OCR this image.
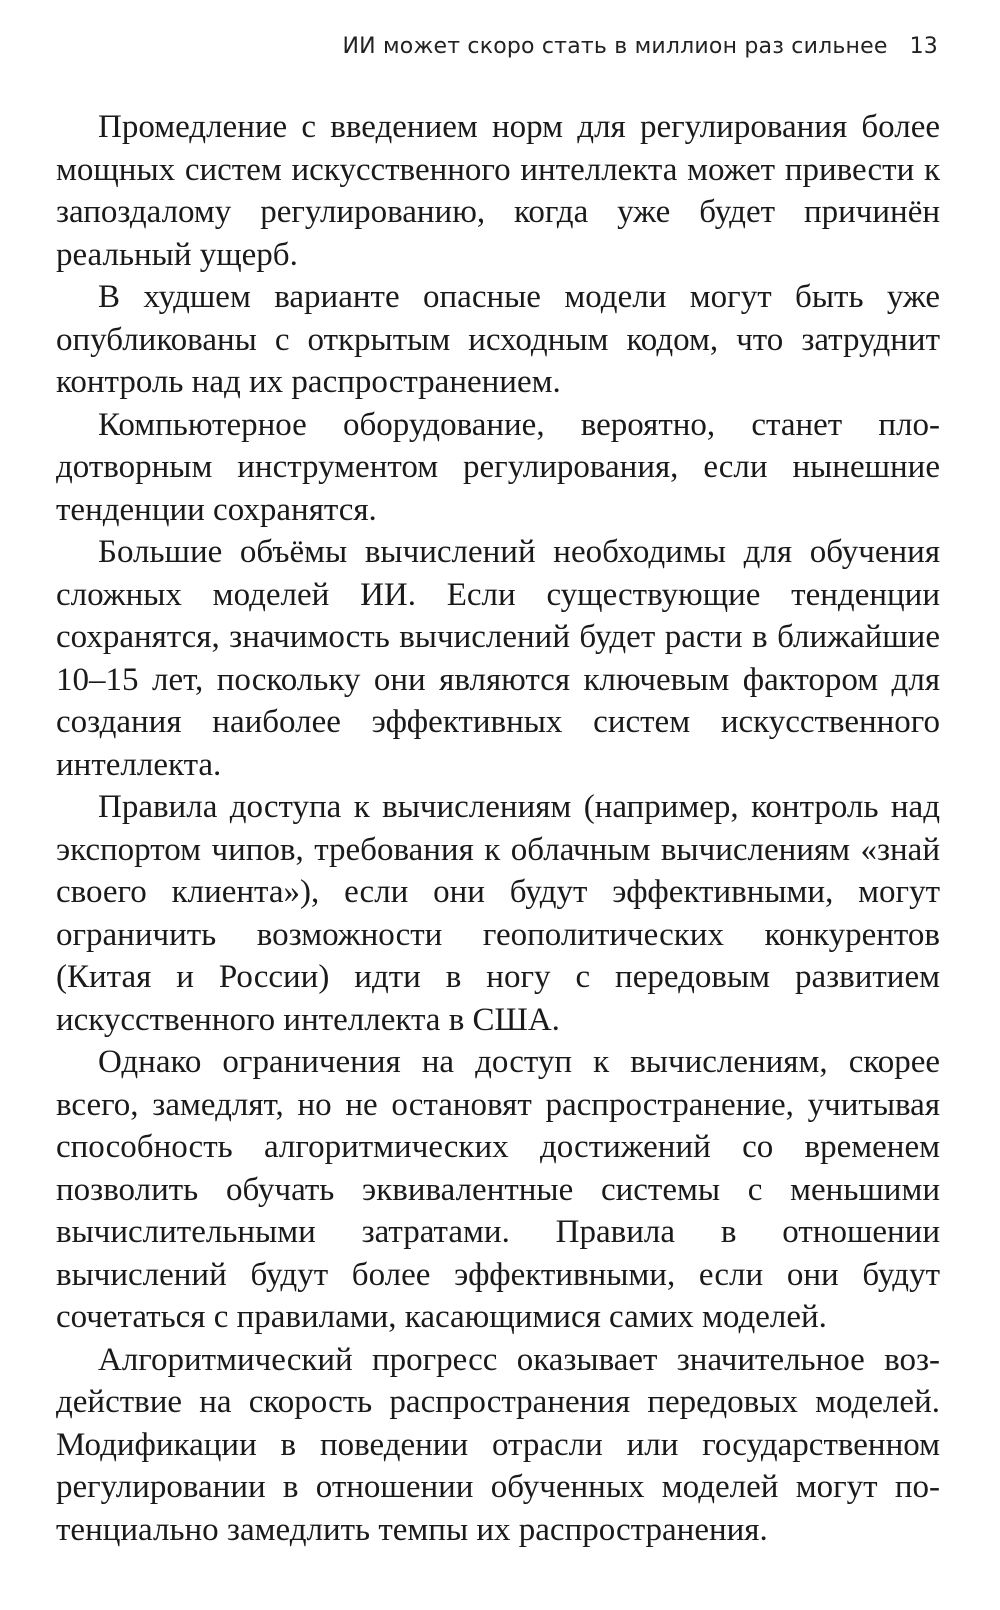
ИИ может скоро стать в миллион раз сильнее 13

Промедление с введением норм для регулирования более мощных систем искусственного интеллекта может привести к запоздалому регулированию, когда уже будет причинён реальный ущерб.

В худшем варианте опасные модели могут быть уже опубликованы с открытым исходным кодом, что затруднит контроль над их распространением.

Компьютерное оборудование, вероятно, станет плодотворным инструментом регулирования, если нынешние тенденции сохранятся.

Большие объёмы вычислений необходимы для обучения сложных моделей ИИ. Если существующие тенденции сохранятся, значимость вычислений будет расти в ближайшие 10–15 лет, поскольку они являются ключевым фактором для создания наиболее эффективных систем искусственного интеллекта.

Правила доступа к вычислениям (например, контроль над экспортом чипов, требования к облачным вычислениям «знай своего клиента»), если они будут эффективными, могут ограничить возможности геополитических конкурентов (Китая и России) идти в ногу с передовым развитием искусственного интеллекта в США.

Однако ограничения на доступ к вычислениям, скорее всего, замедлят, но не остановят распространение, учитывая способность алгоритмических достижений со временем позволить обучать эквивалентные системы с меньшими вычислительными затратами. Правила в отношении вычислений будут более эффективными, если они будут сочетаться с правилами, касающимися самих моделей.

Алгоритмический прогресс оказывает значительное воздействие на скорость распространения передовых моделей. Модификации в поведении отрасли или государственном регулировании в отношении обученных моделей могут потенциально замедлить темпы их распространения.
